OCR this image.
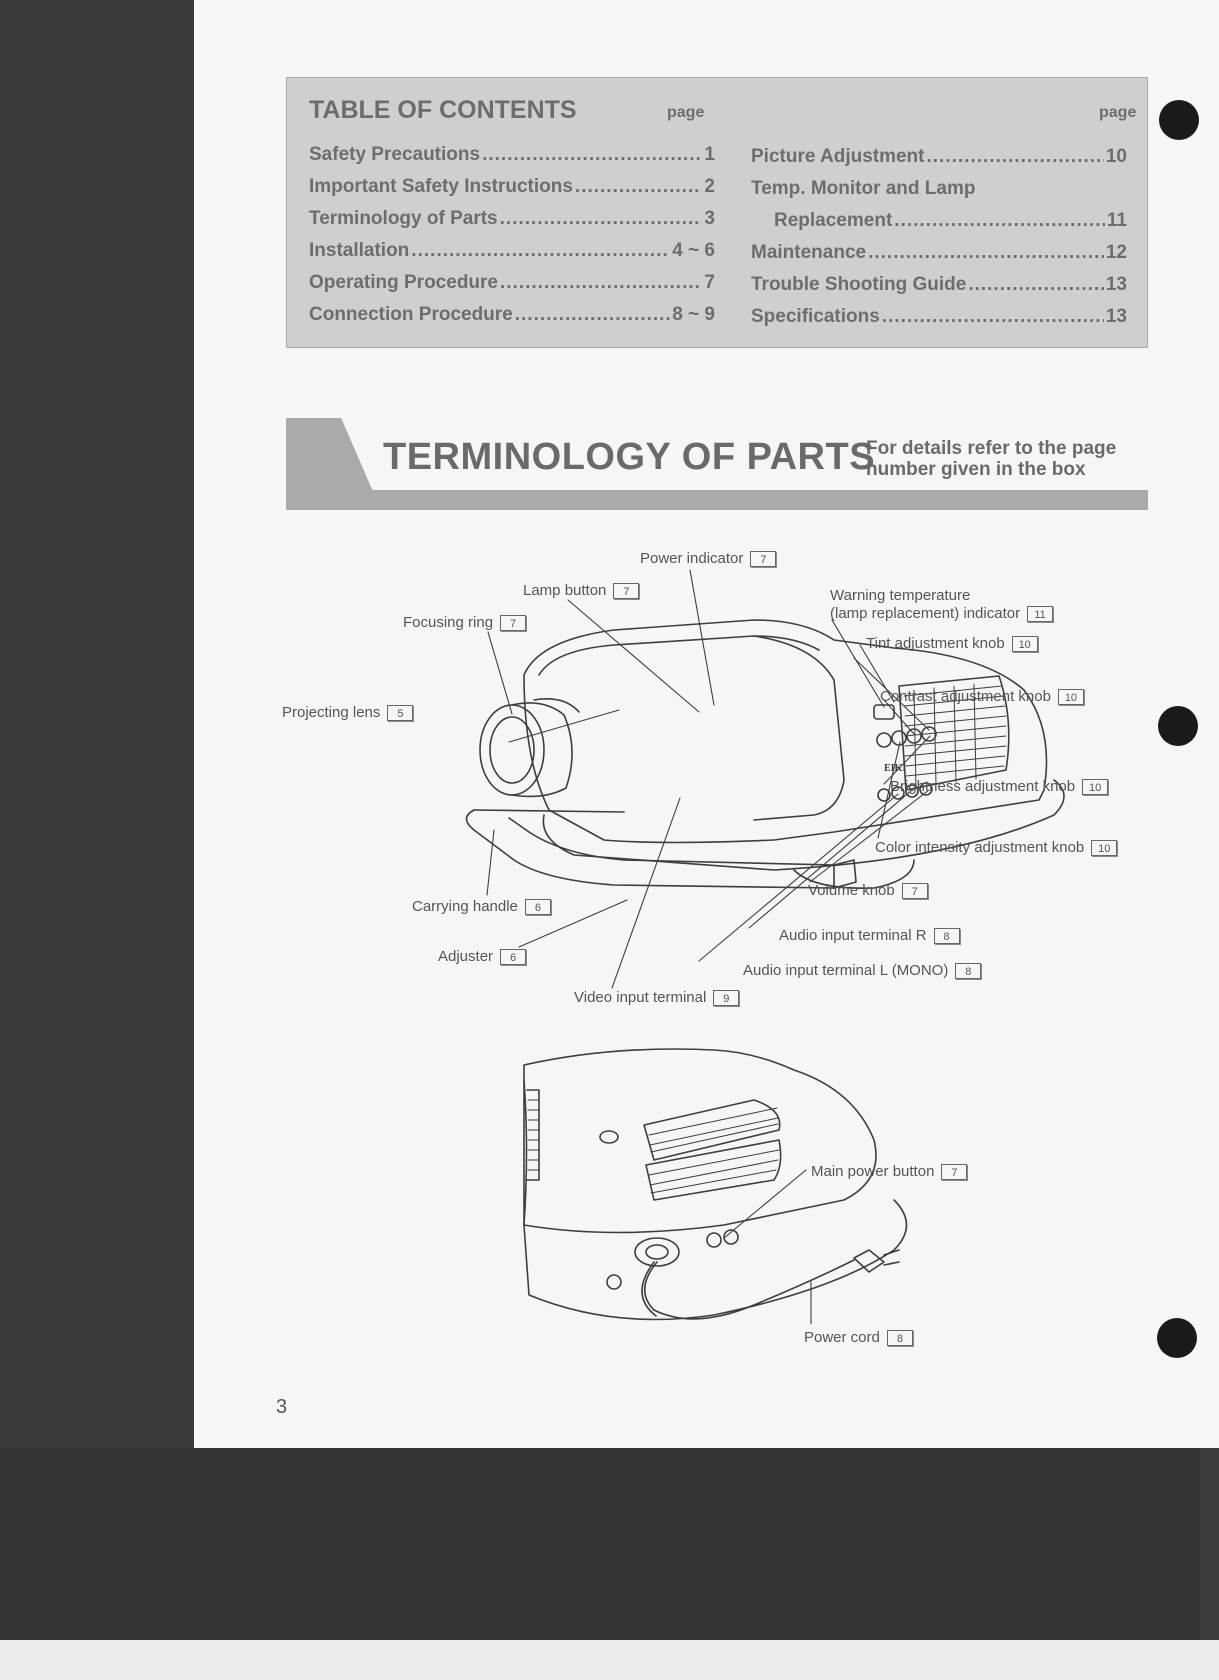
TABLE OF CONTENTS	page	page
Safety Precautions .....	1
Important Safety Instructions .....	2
Terminology of Parts .....	3
Installation .....	4 ~ 6
Operating Procedure .....	7
Connection Procedure .....	8 ~ 9
Picture Adjustment .....	10
Temp. Monitor and Lamp
Replacement .....	11
Maintenance .....	12
Trouble Shooting Guide .....	13
Specifications .....	13
TERMINOLOGY OF PARTS
For details refer to the page
number given in the box
EIKI
Power indicator	7
Lamp button	7	Warning temperature
(lamp replacement) indicator	11
Focusing ring	7
Tint adjustment knob	10
Contrast adjustment knob	10
Projecting lens	5
Brightness adjustment knob	10
Color intensity adjustment knob	10
Volume knob	7
Carrying handle	6
Audio input terminal R	8
Adjuster	6
Audio input terminal L (MONO)	8
Video input terminal	9
Main power button	7
Power cord	8
3
